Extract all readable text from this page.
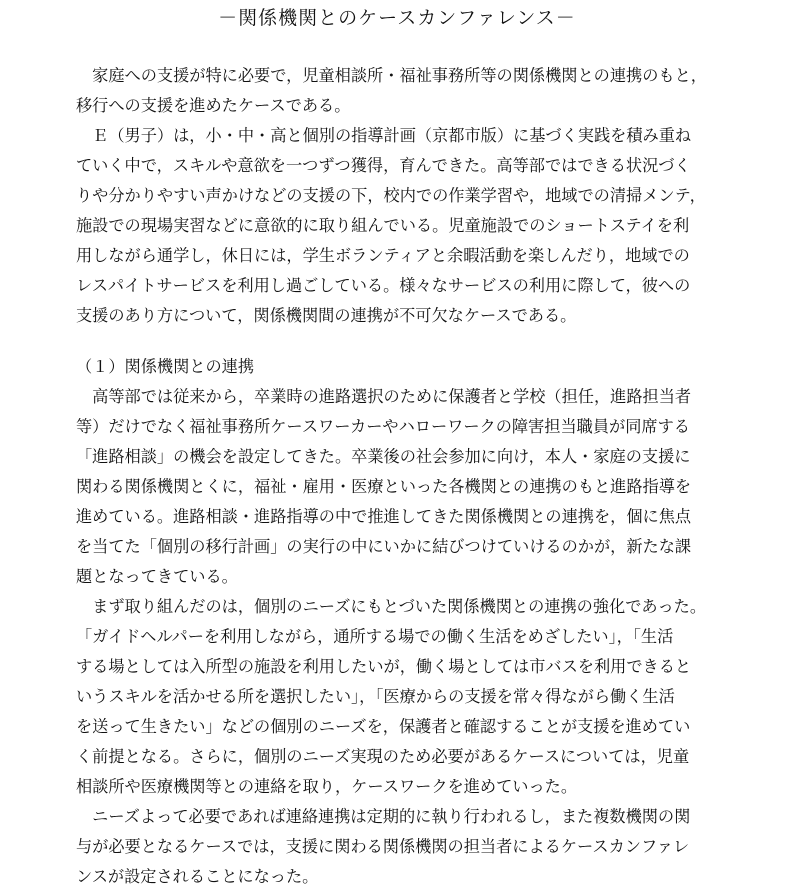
－関係機関とのケースカンファレンス－
　家庭への支援が特に必要で，児童相談所・福祉事務所等の関係機関との連携のもと，
移行への支援を進めたケースである。
　Ｅ（男子）は，小・中・高と個別の指導計画（京都市版）に基づく実践を積み重ね
ていく中で，スキルや意欲を一つずつ獲得，育んできた。高等部ではできる状況づく
りや分かりやすい声かけなどの支援の下，校内での作業学習や，地域での清掃メンテ，
施設での現場実習などに意欲的に取り組んでいる。児童施設でのショートステイを利
用しながら通学し，休日には，学生ボランティアと余暇活動を楽しんだり，地域での
レスパイトサービスを利用し過ごしている。様々なサービスの利用に際して，彼への
支援のあり方について，関係機関間の連携が不可欠なケースである。
（１）関係機関との連携
　高等部では従来から，卒業時の進路選択のために保護者と学校（担任，進路担当者
等）だけでなく福祉事務所ケースワーカーやハローワークの障害担当職員が同席する
「進路相談」の機会を設定してきた。卒業後の社会参加に向け，本人・家庭の支援に
関わる関係機関とくに，福祉・雇用・医療といった各機関との連携のもと進路指導を
進めている。進路相談・進路指導の中で推進してきた関係機関との連携を，個に焦点
を当てた「個別の移行計画」の実行の中にいかに結びつけていけるのかが，新たな課
題となってきている。
　まず取り組んだのは，個別のニーズにもとづいた関係機関との連携の強化であった。
「ガイドヘルパーを利用しながら，通所する場での働く生活をめざしたい」，「生活
する場としては入所型の施設を利用したいが，働く場としては市バスを利用できると
いうスキルを活かせる所を選択したい」，「医療からの支援を常々得ながら働く生活
を送って生きたい」などの個別のニーズを，保護者と確認することが支援を進めてい
く前提となる。さらに，個別のニーズ実現のため必要があるケースについては，児童
相談所や医療機関等との連絡を取り，ケースワークを進めていった。
　ニーズよって必要であれば連絡連携は定期的に執り行われるし，また複数機関の関
与が必要となるケースでは，支援に関わる関係機関の担当者によるケースカンファレ
ンスが設定されることになった。
